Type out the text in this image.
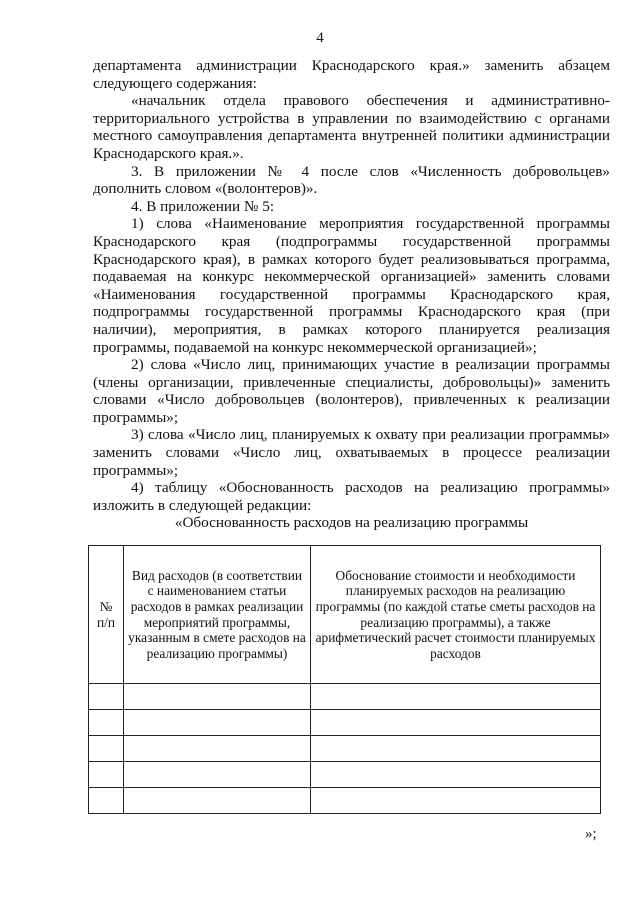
4

департамента администрации Краснодарского края.» заменить абзацем следующего содержания:

«начальник отдела правового обеспечения и административно-территориального устройства в управлении по взаимодействию с органами местного самоуправления департамента внутренней политики администрации Краснодарского края.».

3. В приложении № 4 после слов «Численность добровольцев» дополнить словом «(волонтеров)».

4. В приложении № 5:

1) слова «Наименование мероприятия государственной программы Краснодарского края (подпрограммы государственной программы Краснодарского края), в рамках которого будет реализовываться программа, подаваемая на конкурс некоммерческой организацией» заменить словами «Наименования государственной программы Краснодарского края, подпрограммы государственной программы Краснодарского края (при наличии), мероприятия, в рамках которого планируется реализация программы, подаваемой на конкурс некоммерческой организацией»;

2) слова «Число лиц, принимающих участие в реализации программы (члены организации, привлеченные специалисты, добровольцы)» заменить словами «Число добровольцев (волонтеров), привлеченных к реализации программы»;

3) слова «Число лиц, планируемых к охвату при реализации программы» заменить словами «Число лиц, охватываемых в процессе реализации программы»;

4) таблицу «Обоснованность расходов на реализацию программы» изложить в следующей редакции:

«Обоснованность расходов на реализацию программы

№ п/п	Вид расходов (в соответствии с наименованием статьи расходов в рамках реализации мероприятий программы, указанным в смете расходов на реализацию программы)	Обоснование стоимости и необходимости планируемых расходов на реализацию программы (по каждой статье сметы расходов на реализацию программы), а также арифметический расчет стоимости планируемых расходов

»;
